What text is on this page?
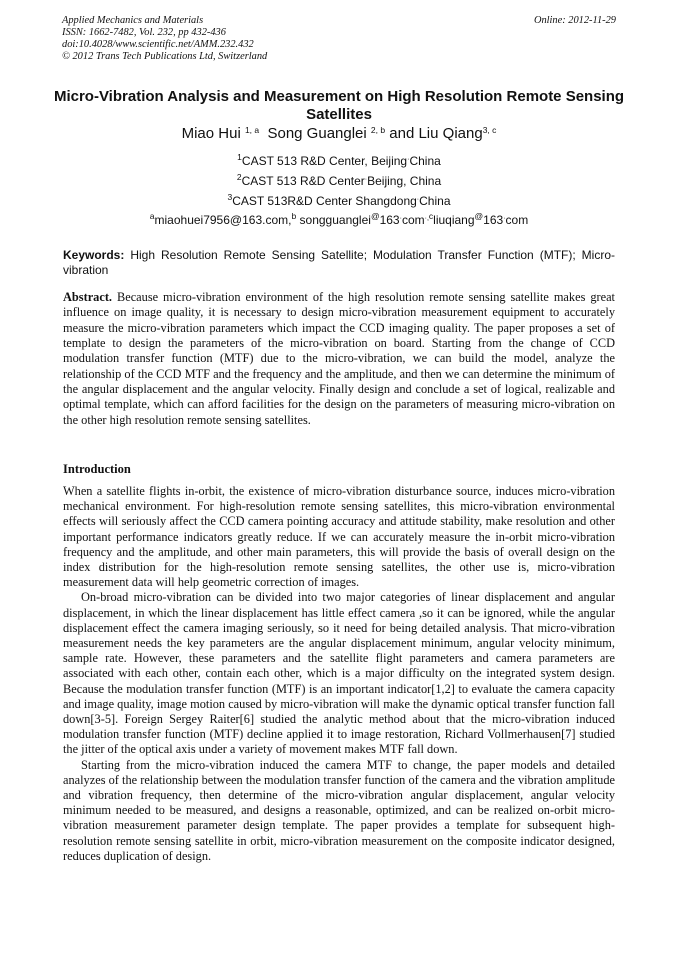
Applied Mechanics and Materials
ISSN: 1662-7482, Vol. 232, pp 432-436
doi:10.4028/www.scientific.net/AMM.232.432
© 2012 Trans Tech Publications Ltd, Switzerland
Online: 2012-11-29
Micro-Vibration Analysis and Measurement on High Resolution Remote Sensing Satellites
Miao Hui $^{1, a}$ Song Guanglei $^{2, b}$ and Liu Qiang$^{3, c}$
$^1$CAST 513 R&D Center, Beijing·China
$^2$CAST 513 R&D Center·Beijing, China
$^3$CAST 513R&D Center Shangdong·China
$^a$miaohuei7956@163.com,$^b$ songguanglei@163·com$^{\cdot,c}$liuqiang@163·com
Keywords: High Resolution Remote Sensing Satellite; Modulation Transfer Function (MTF); Micro-vibration
Abstract. Because micro-vibration environment of the high resolution remote sensing satellite makes great influence on image quality, it is necessary to design micro-vibration measurement equipment to accurately measure the micro-vibration parameters which impact the CCD imaging quality. The paper proposes a set of template to design the parameters of the micro-vibration on board. Starting from the change of CCD modulation transfer function (MTF) due to the micro-vibration, we can build the model, analyze the relationship of the CCD MTF and the frequency and the amplitude, and then we can determine the minimum of the angular displacement and the angular velocity. Finally design and conclude a set of logical, realizable and optimal template, which can afford facilities for the design on the parameters of measuring micro-vibration on the other high resolution remote sensing satellites.
Introduction

When a satellite flights in-orbit, the existence of micro-vibration disturbance source, induces micro-vibration mechanical environment. For high-resolution remote sensing satellites, this micro-vibration environmental effects will seriously affect the CCD camera pointing accuracy and attitude stability, make resolution and other important performance indicators greatly reduce. If we can accurately measure the in-orbit micro-vibration frequency and the amplitude, and other main parameters, this will provide the basis of overall design on the index distribution for the high-resolution remote sensing satellites, the other use is, micro-vibration measurement data will help geometric correction of images.

On-broad micro-vibration can be divided into two major categories of linear displacement and angular displacement, in which the linear displacement has little effect camera ,so it can be ignored, while the angular displacement effect the camera imaging seriously, so it need for being detailed analysis. That micro-vibration measurement needs the key parameters are the angular displacement minimum, angular velocity minimum, sample rate. However, these parameters and the satellite flight parameters and camera parameters are associated with each other, contain each other, which is a major difficulty on the integrated system design. Because the modulation transfer function (MTF) is an important indicator[1,2] to evaluate the camera capacity and image quality, image motion caused by micro-vibration will make the dynamic optical transfer function fall down[3-5]. Foreign Sergey Raiter[6] studied the analytic method about that the micro-vibration induced modulation transfer function (MTF) decline applied it to image restoration, Richard Vollmerhausen[7] studied the jitter of the optical axis under a variety of movement makes MTF fall down.

Starting from the micro-vibration induced the camera MTF to change, the paper models and detailed analyzes of the relationship between the modulation transfer function of the camera and the vibration amplitude and vibration frequency, then determine of the micro-vibration angular displacement, angular velocity minimum needed to be measured, and designs a reasonable, optimized, and can be realized on-orbit micro-vibration measurement parameter design template. The paper provides a template for subsequent high-resolution remote sensing satellite in orbit, micro-vibration measurement on the composite indicator designed, reduces duplication of design.
